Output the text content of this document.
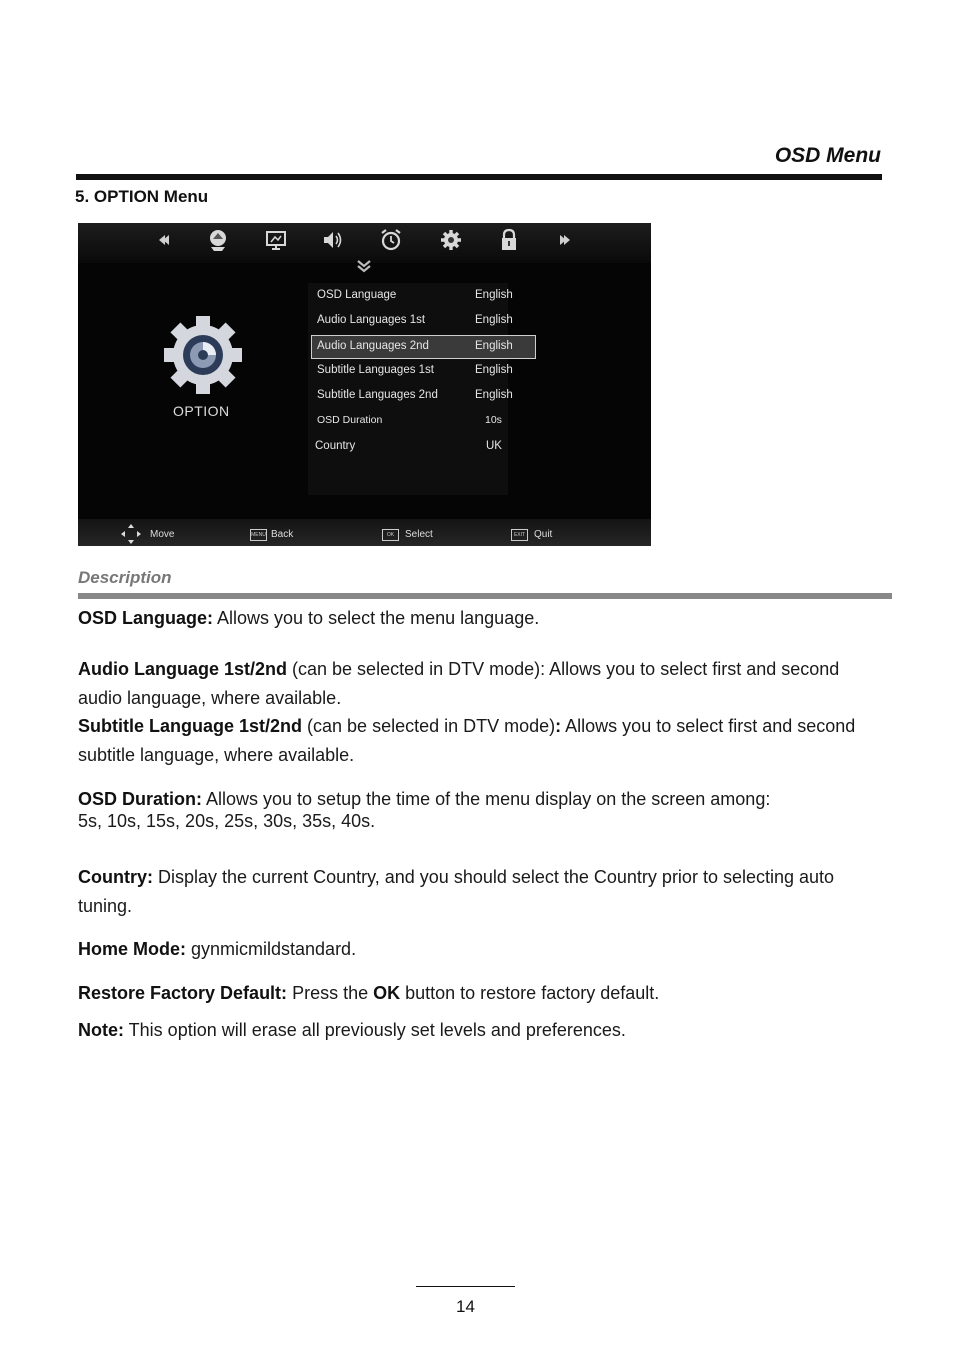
OSD Menu
5. OPTION Menu
OPTION
OSD Language	English
Audio Languages 1st	English
Audio Languages 2nd	English
Subtitle Languages 1st	English
Subtitle Languages 2nd	English
OSD Duration	10s
Country	UK
Move	MENU Back	OK	Select	EXIT Quit
Description
OSD Language: Allows you to select the menu language.
Audio Language 1st/2nd (can be selected in DTV mode): Allows you to select first and second audio language, where available.
Subtitle Language 1st/2nd (can be selected in DTV mode): Allows you to select first and second subtitle language, where available.
OSD Duration: Allows you to setup the time of the menu display on the screen among:
5s, 10s, 15s, 20s, 25s, 30s, 35s, 40s.
Country: Display the current Country, and you should select the Country prior to selecting auto tuning.
Home Mode: gynmicmildstandard.
Restore Factory Default: Press the OK button to restore factory default.
Note: This option will erase all previously set levels and preferences.
14
